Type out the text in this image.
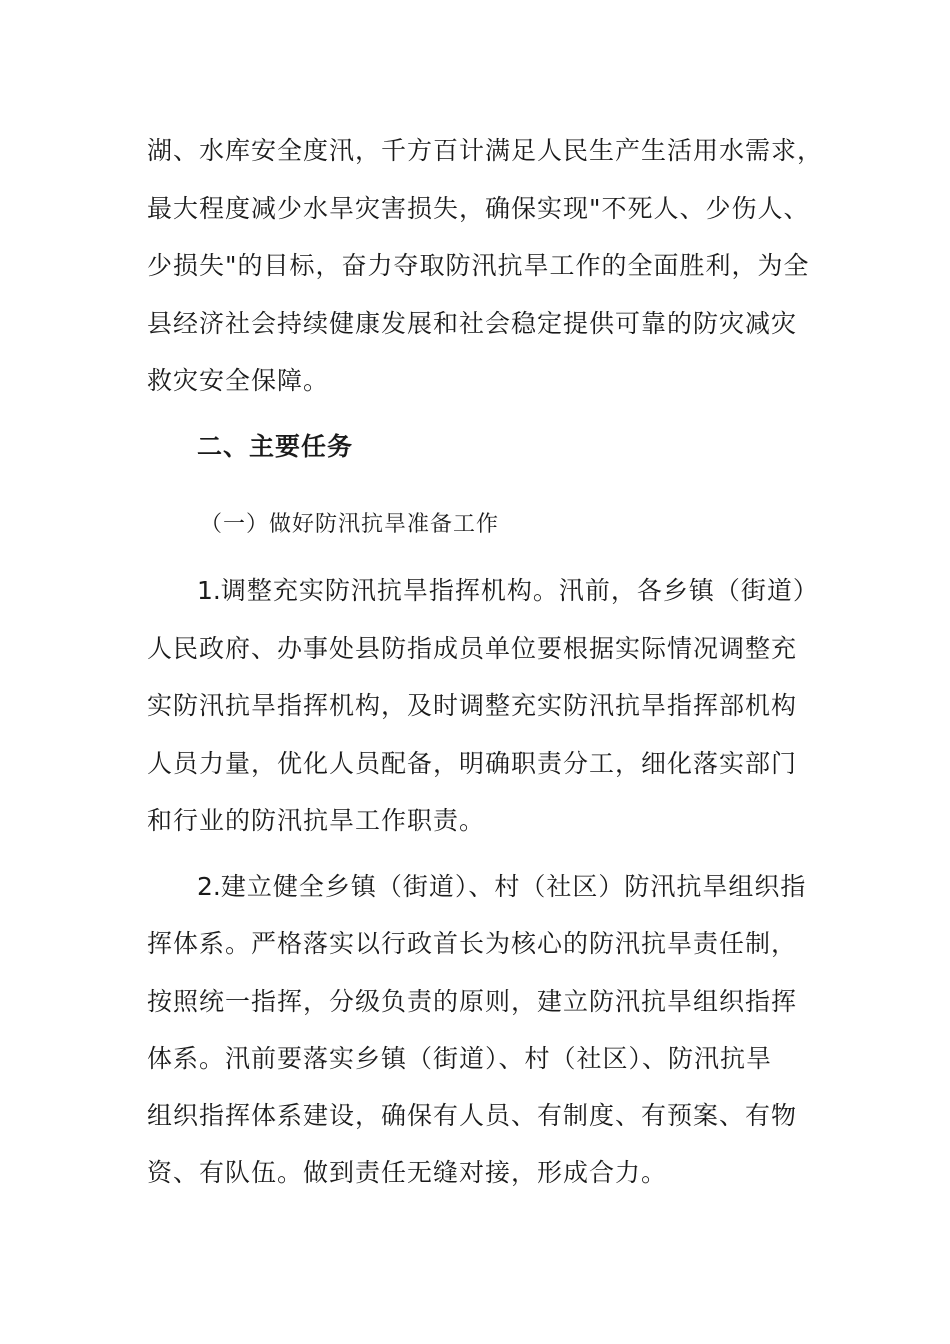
湖、水库安全度汛，千方百计满足人民生产生活用水需求，
最大程度减少水旱灾害损失，确保实现"不死人、少伤人、
少损失"的目标，奋力夺取防汛抗旱工作的全面胜利，为全
县经济社会持续健康发展和社会稳定提供可靠的防灾减灾
救灾安全保障。
二、主要任务
（一）做好防汛抗旱准备工作
1.调整充实防汛抗旱指挥机构。汛前，各乡镇（街道）
人民政府、办事处县防指成员单位要根据实际情况调整充
实防汛抗旱指挥机构，及时调整充实防汛抗旱指挥部机构
人员力量，优化人员配备，明确职责分工，细化落实部门
和行业的防汛抗旱工作职责。
2.建立健全乡镇（街道）、村（社区）防汛抗旱组织指
挥体系。严格落实以行政首长为核心的防汛抗旱责任制，
按照统一指挥，分级负责的原则，建立防汛抗旱组织指挥
体系。汛前要落实乡镇（街道）、村（社区）、防汛抗旱
组织指挥体系建设，确保有人员、有制度、有预案、有物
资、有队伍。做到责任无缝对接，形成合力。
